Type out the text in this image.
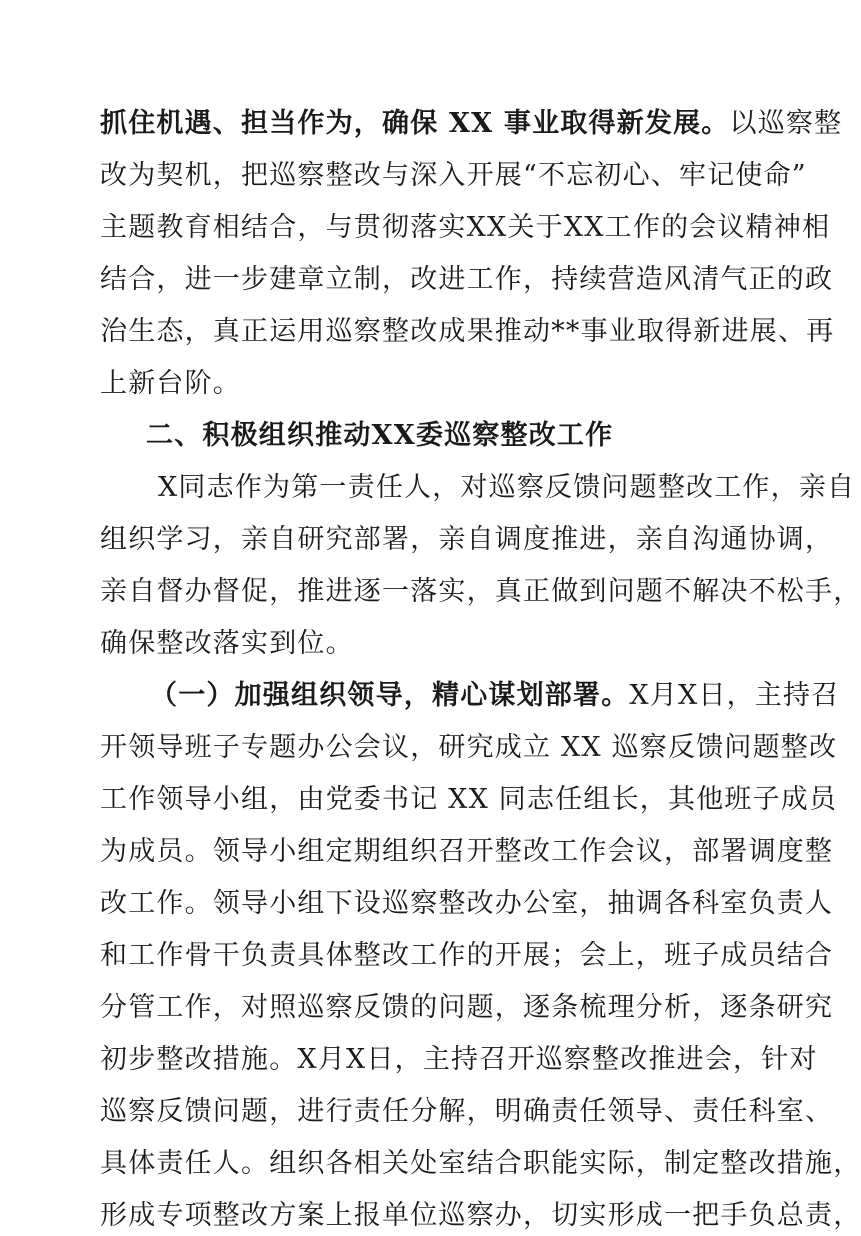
抓住机遇、担当作为，确保 XX 事业取得新发展。以巡察整
改为契机，把巡察整改与深入开展“不忘初心、牢记使命”
主题教育相结合，与贯彻落实XX关于XX工作的会议精神相
结合，进一步建章立制，改进工作，持续营造风清气正的政
治生态，真正运用巡察整改成果推动**事业取得新进展、再
上新台阶。
二、积极组织推动XX委巡察整改工作
X同志作为第一责任人，对巡察反馈问题整改工作，亲自
组织学习，亲自研究部署，亲自调度推进，亲自沟通协调，
亲自督办督促，推进逐一落实，真正做到问题不解决不松手，
确保整改落实到位。
（一）加强组织领导，精心谋划部署。X月X日，主持召
开领导班子专题办公会议，研究成立 XX 巡察反馈问题整改
工作领导小组，由党委书记 XX 同志任组长，其他班子成员
为成员。领导小组定期组织召开整改工作会议，部署调度整
改工作。领导小组下设巡察整改办公室，抽调各科室负责人
和工作骨干负责具体整改工作的开展；会上，班子成员结合
分管工作，对照巡察反馈的问题，逐条梳理分析，逐条研究
初步整改措施。X月X日，主持召开巡察整改推进会，针对
巡察反馈问题，进行责任分解，明确责任领导、责任科室、
具体责任人。组织各相关处室结合职能实际，制定整改措施，
形成专项整改方案上报单位巡察办，切实形成一把手负总责，
